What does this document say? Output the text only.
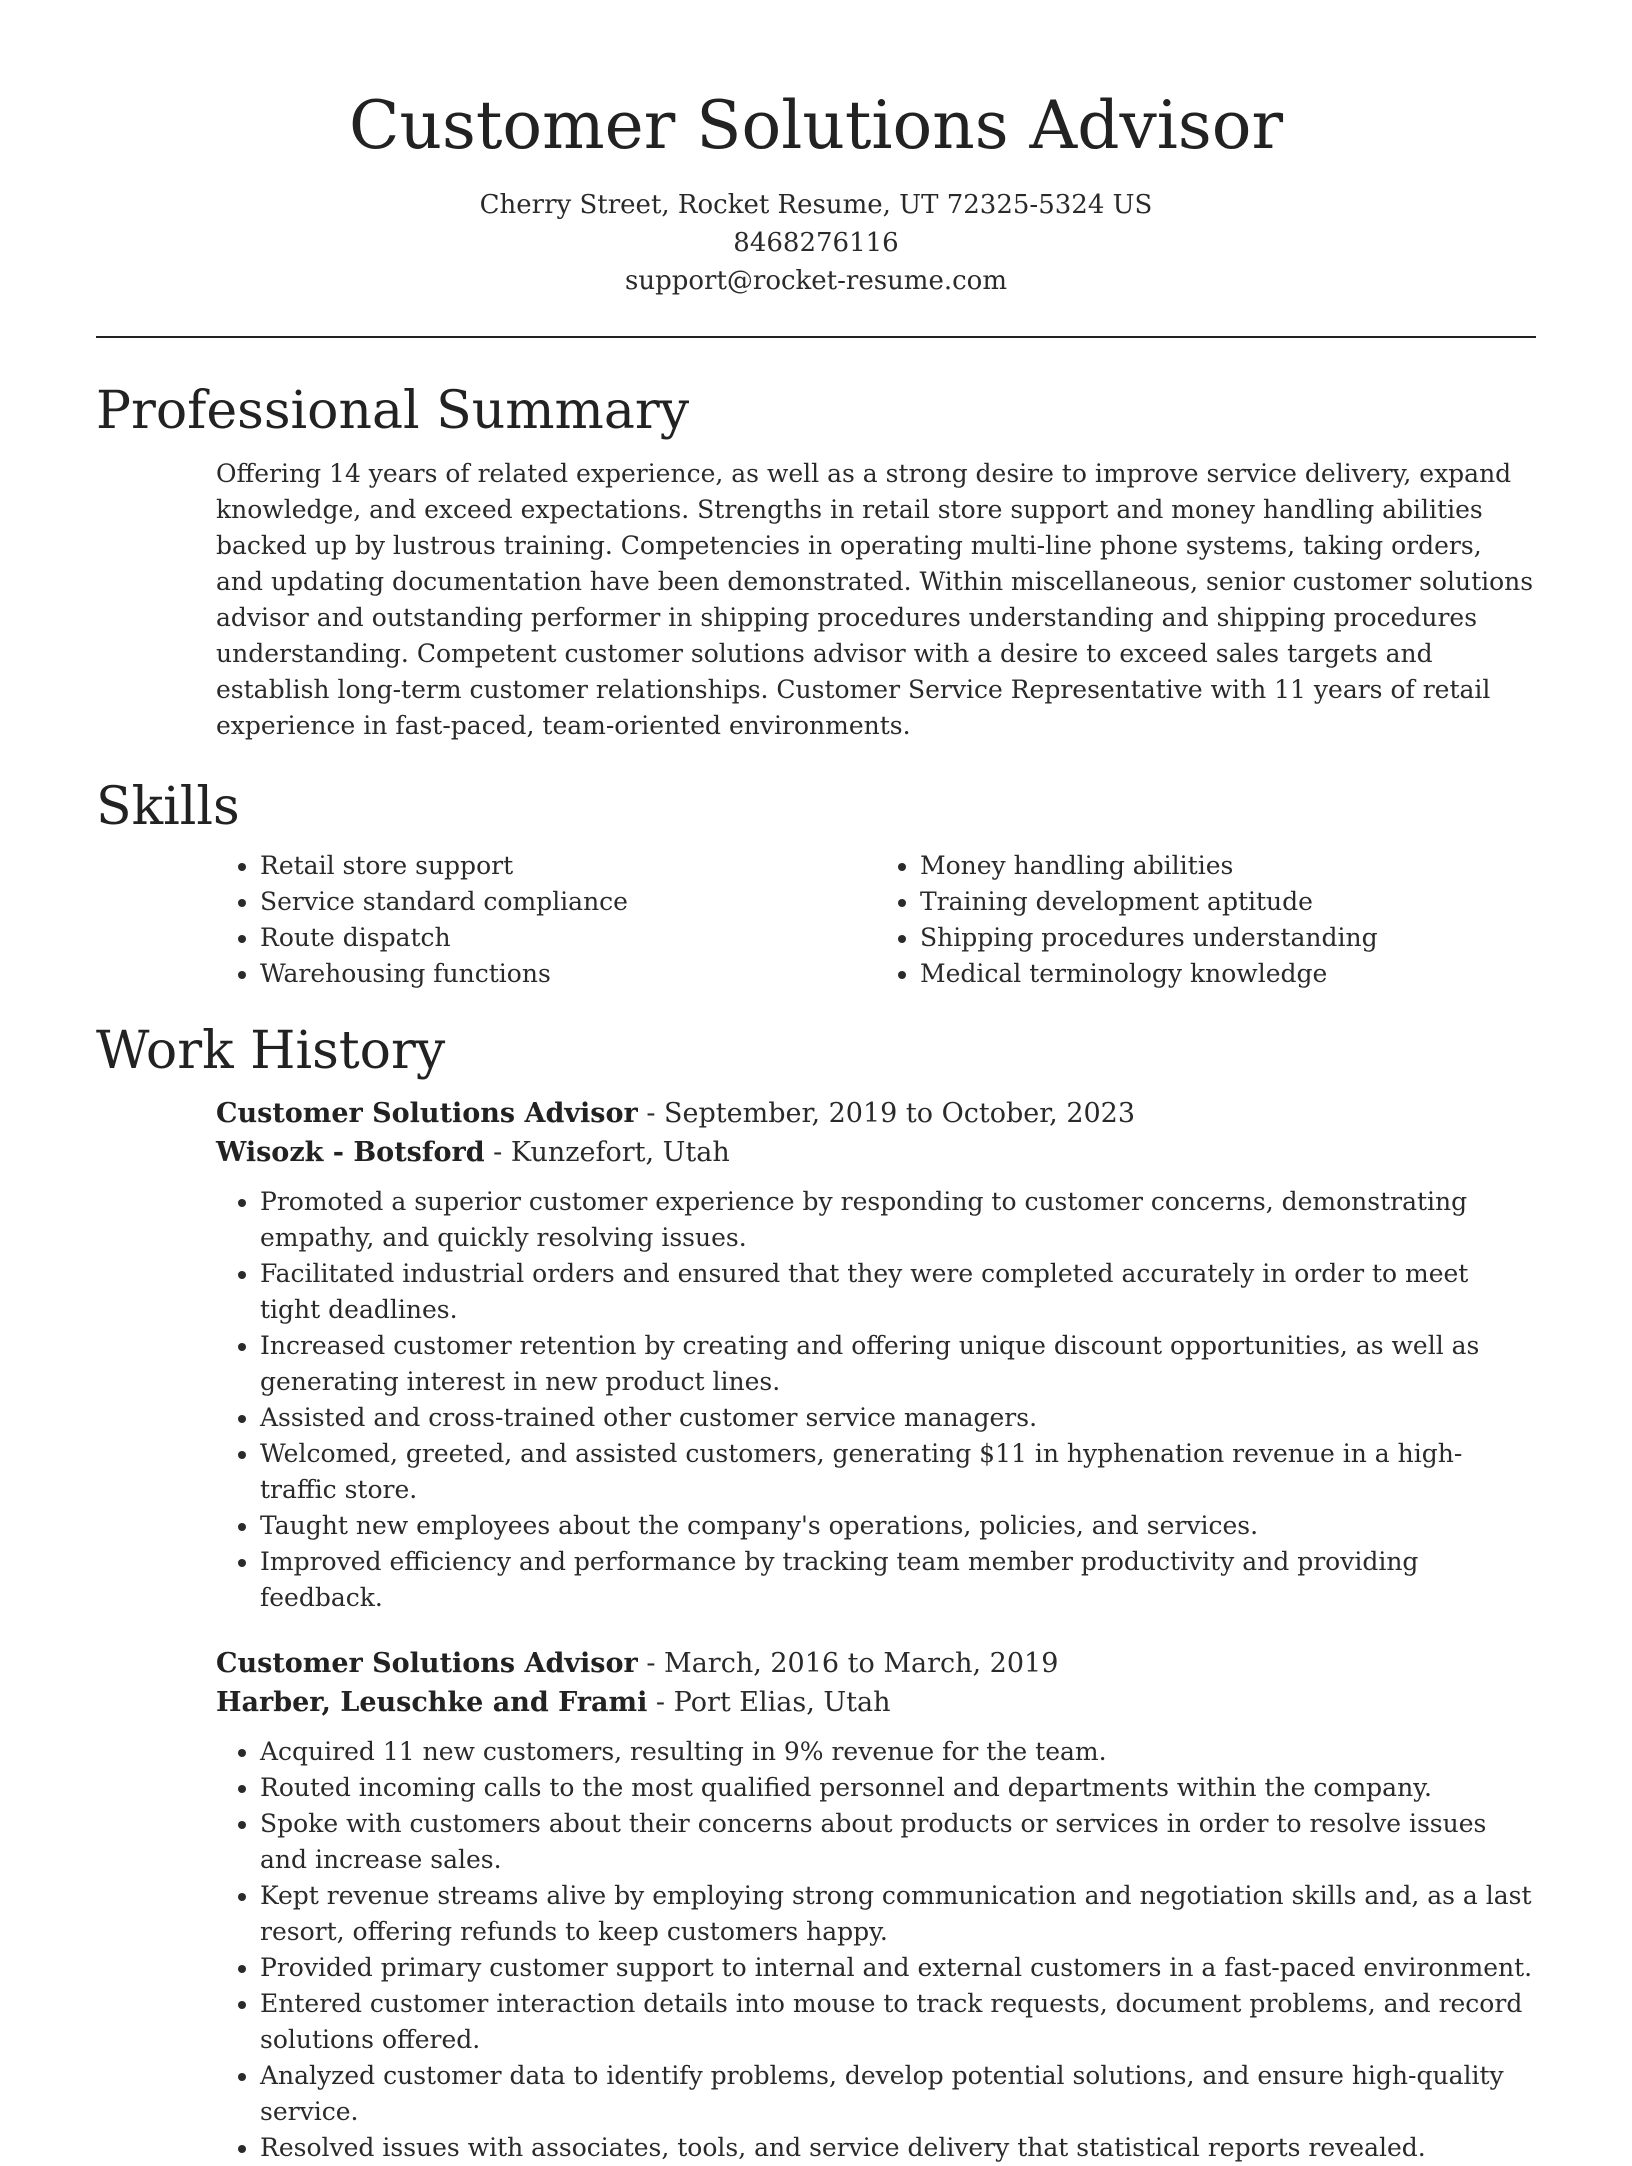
Customer Solutions Advisor
Cherry Street, Rocket Resume, UT 72325-5324 US
8468276116
support@rocket-resume.com
Professional Summary

Offering 14 years of related experience, as well as a strong desire to improve service delivery, expand knowledge, and exceed expectations. Strengths in retail store support and money handling abilities backed up by lustrous training. Competencies in operating multi-line phone systems, taking orders, and updating documentation have been demonstrated. Within miscellaneous, senior customer solutions advisor and outstanding performer in shipping procedures understanding and shipping procedures understanding. Competent customer solutions advisor with a desire to exceed sales targets and establish long-term customer relationships. Customer Service Representative with 11 years of retail experience in fast-paced, team-oriented environments.

Skills
• Retail store support
• Service standard compliance
• Route dispatch
• Warehousing functions
• Money handling abilities
• Training development aptitude
• Shipping procedures understanding
• Medical terminology knowledge
Work History
Customer Solutions Advisor - September, 2019 to October, 2023
Wisozk - Botsford - Kunzefort, Utah
• Promoted a superior customer experience by responding to customer concerns, demonstrating empathy, and quickly resolving issues.
• Facilitated industrial orders and ensured that they were completed accurately in order to meet tight deadlines.
• Increased customer retention by creating and offering unique discount opportunities, as well as generating interest in new product lines.
• Assisted and cross-trained other customer service managers.
• Welcomed, greeted, and assisted customers, generating $11 in hyphenation revenue in a high-traffic store.
• Taught new employees about the company's operations, policies, and services.
• Improved efficiency and performance by tracking team member productivity and providing feedback.
Customer Solutions Advisor - March, 2016 to March, 2019
Harber, Leuschke and Frami - Port Elias, Utah
• Acquired 11 new customers, resulting in 9% revenue for the team.
• Routed incoming calls to the most qualified personnel and departments within the company.
• Spoke with customers about their concerns about products or services in order to resolve issues and increase sales.
• Kept revenue streams alive by employing strong communication and negotiation skills and, as a last resort, offering refunds to keep customers happy.
• Provided primary customer support to internal and external customers in a fast-paced environment.
• Entered customer interaction details into mouse to track requests, document problems, and record solutions offered.
• Analyzed customer data to identify problems, develop potential solutions, and ensure high-quality service.
• Resolved issues with associates, tools, and service delivery that statistical reports revealed.
